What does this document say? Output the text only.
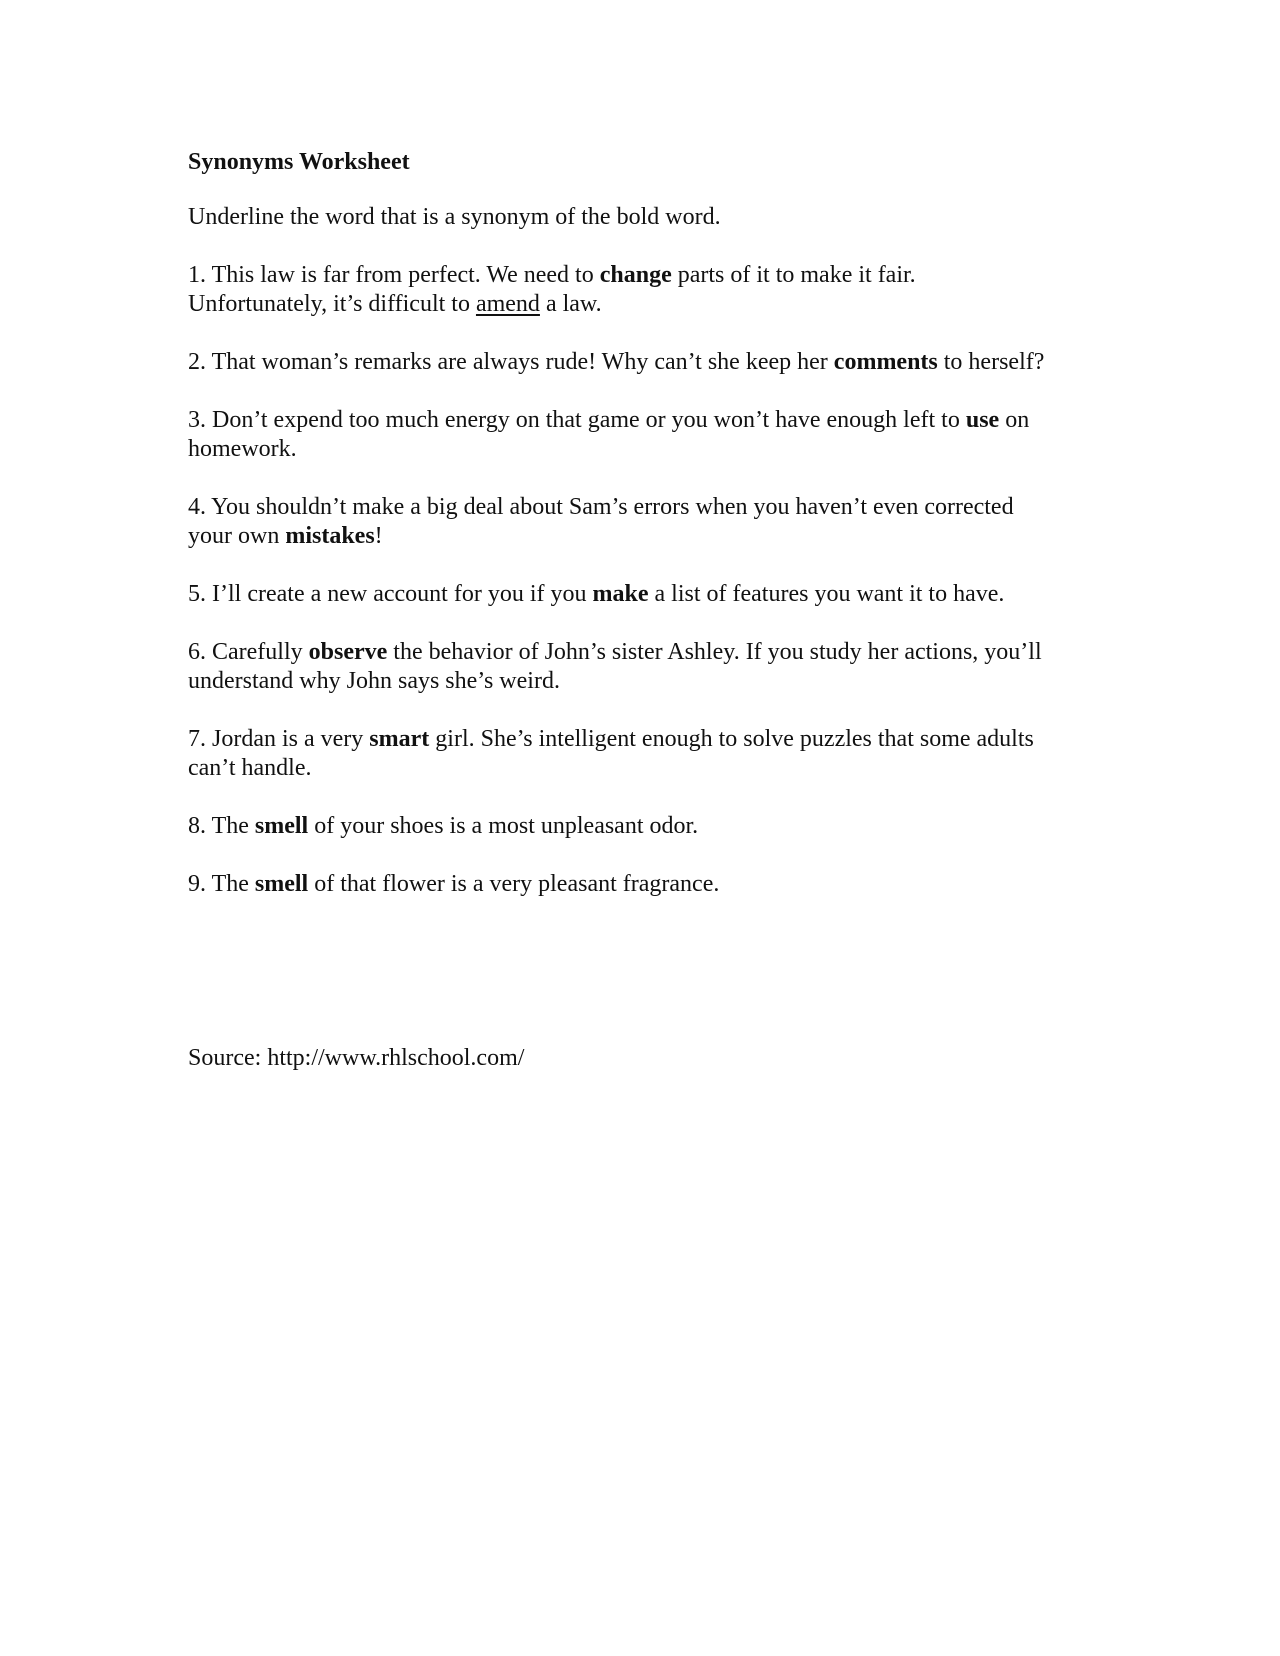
Synonyms Worksheet
Underline the word that is a synonym of the bold word.
1. This law is far from perfect. We need to change parts of it to make it fair.
Unfortunately, it’s difficult to amend a law.
2. That woman’s remarks are always rude! Why can’t she keep her comments to herself?
3. Don’t expend too much energy on that game or you won’t have enough left to use on
homework.
4. You shouldn’t make a big deal about Sam’s errors when you haven’t even corrected
your own mistakes!
5. I’ll create a new account for you if you make a list of features you want it to have.
6. Carefully observe the behavior of John’s sister Ashley. If you study her actions, you’ll
understand why John says she’s weird.
7. Jordan is a very smart girl. She’s intelligent enough to solve puzzles that some adults
can’t handle.
8. The smell of your shoes is a most unpleasant odor.
9. The smell of that flower is a very pleasant fragrance.
Source: http://www.rhlschool.com/
